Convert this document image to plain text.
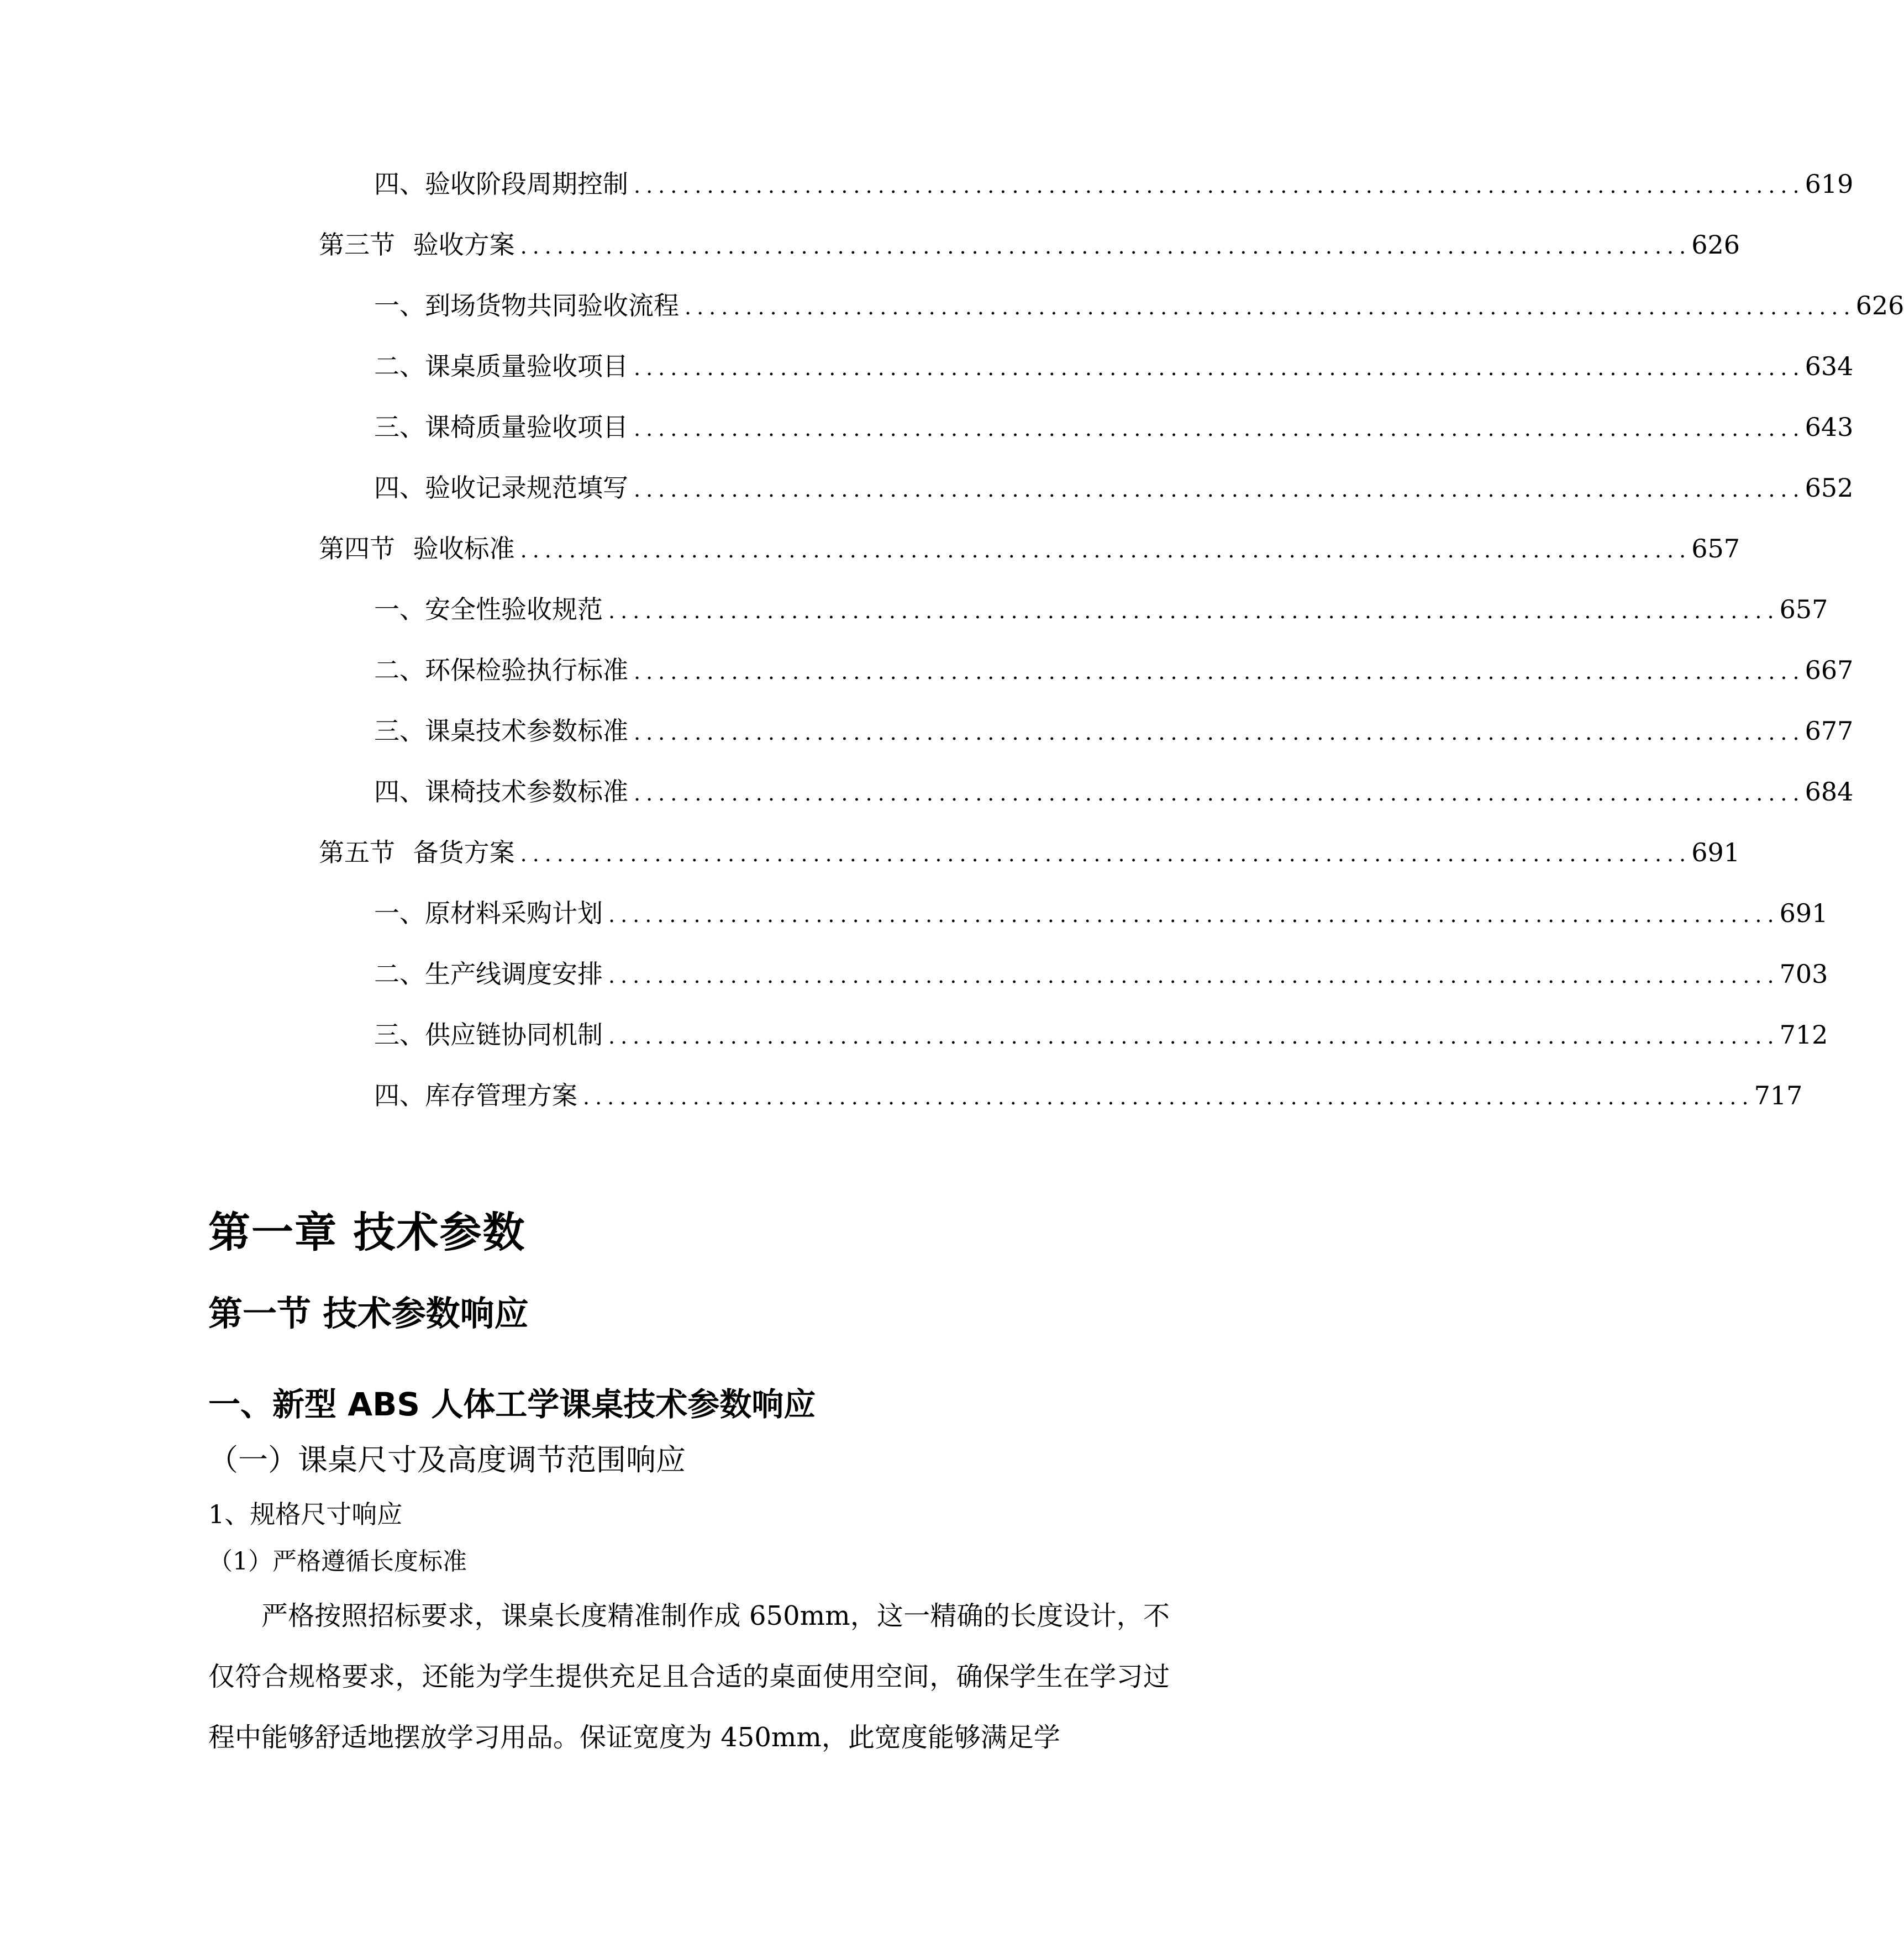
四、 验收阶段周期控制 ................................................................................................ 619
第三节 验收方案 ................................................................................................ 626
一、 到场货物共同验收流程 ................................................................................................ 626
二、 课桌质量验收项目 ................................................................................................ 634
三、 课椅质量验收项目 ................................................................................................ 643
四、 验收记录规范填写 ................................................................................................ 652
第四节 验收标准 ................................................................................................ 657
一、 安全性验收规范 ................................................................................................ 657
二、 环保检验执行标准 ................................................................................................ 667
三、 课桌技术参数标准 ................................................................................................ 677
四、 课椅技术参数标准 ................................................................................................ 684
第五节 备货方案 ................................................................................................ 691
一、 原材料采购计划 ................................................................................................ 691
二、 生产线调度安排 ................................................................................................ 703
三、 供应链协同机制 ................................................................................................ 712
四、 库存管理方案 ................................................................................................ 717
第一章 技术参数
第一节 技术参数响应
一、新型 ABS 人体工学课桌技术参数响应
（一）课桌尺寸及高度调节范围响应
1、规格尺寸响应
（1）严格遵循长度标准

严格按照招标要求，课桌长度精准制作成 650mm，这一精确的长度设计，不仅符合规格要求，还能为学生提供充足且合适的桌面使用空间，确保学生在学习过程中能够舒适地摆放学习用品。保证宽度为 450mm，此宽度能够满足学
